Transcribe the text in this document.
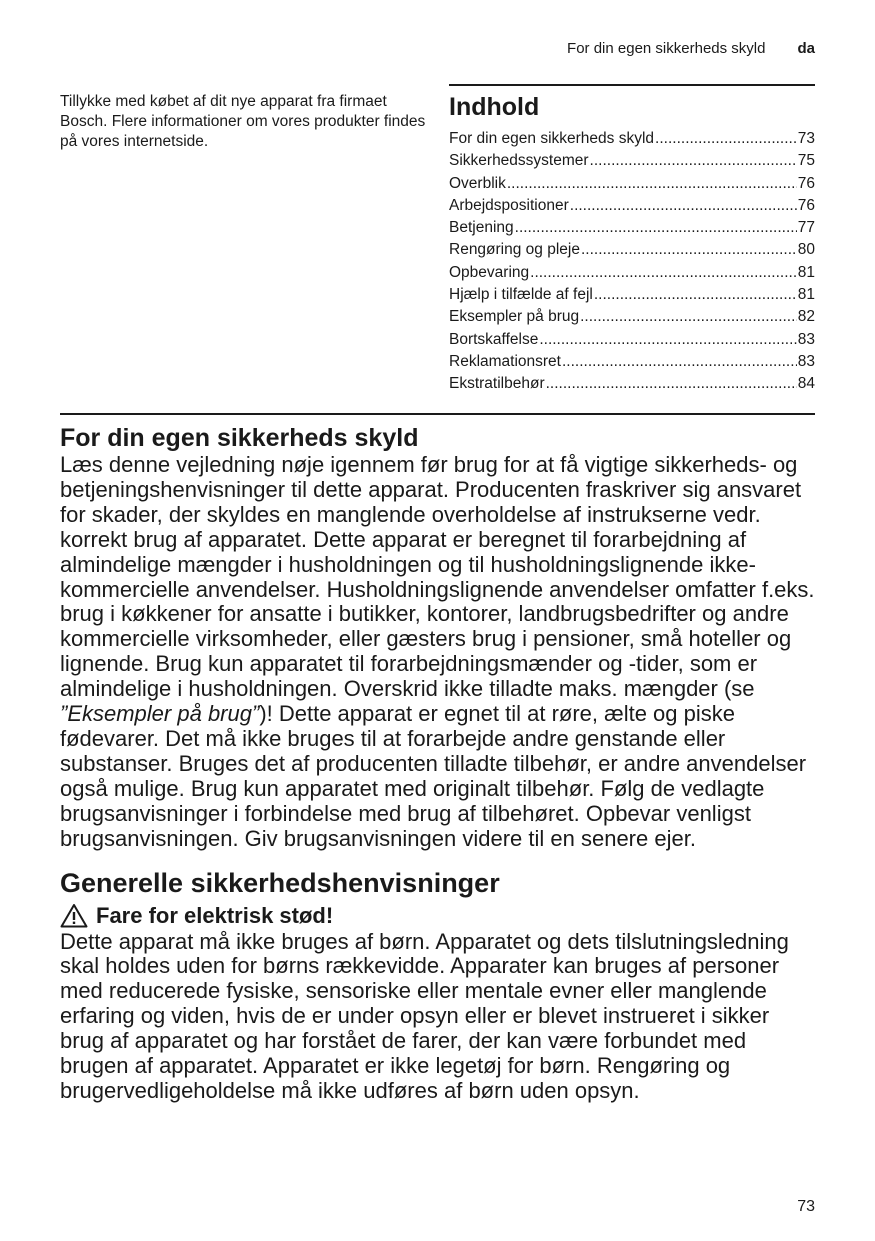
For din egen sikkerheds skyld da
Tillykke med købet af dit nye apparat fra firmaet Bosch. Flere informationer om vores produkter findes på vores internetside.
Indhold
For din egen sikkerheds skyld .....	73
Sikkerhedssystemer .....	75
Overblik .....	76
Arbejdspositioner .....	76
Betjening .....	77
Rengøring og pleje .....	80
Opbevaring .....	81
Hjælp i tilfælde af fejl .....	81
Eksempler på brug .....	82
Bortskaffelse .....	83
Reklamationsret .....	83
Ekstratilbehør .....	84
For din egen sikkerheds skyld

Læs denne vejledning nøje igennem før brug for at få vigtige sikkerheds- og betjeningshenvisninger til dette apparat. Producenten fraskriver sig ansvaret for skader, der skyldes en manglende overholdelse af instrukserne vedr. korrekt brug af apparatet. Dette apparat er beregnet til forarbejdning af almindelige mængder i husholdningen og til husholdningslignende ikke-kommercielle anvendelser. Husholdningslignende anvendelser omfatter f.eks. brug i køkkener for ansatte i butikker, kontorer, landbrugsbedrifter og andre kommercielle virksomheder, eller gæsters brug i pensioner, små hoteller og lignende. Brug kun apparatet til forarbejdningsmænder og -tider, som er almindelige i husholdningen. Overskrid ikke tilladte maks. mængder (se ”Eksempler på brug”)! Dette apparat er egnet til at røre, ælte og piske fødevarer. Det må ikke bruges til at forarbejde andre genstande eller substanser. Bruges det af producenten tilladte tilbehør, er andre anvendelser også mulige. Brug kun apparatet med originalt tilbehør. Følg de vedlagte brugsanvisninger i forbindelse med brug af tilbehøret. Opbevar venligst brugsanvisningen. Giv brugsanvisningen videre til en senere ejer.

Generelle sikkerhedshenvisninger
Fare for elektrisk stød!

Dette apparat må ikke bruges af børn. Apparatet og dets tilslutningsledning skal holdes uden for børns rækkevidde. Apparater kan bruges af personer med reducerede fysiske, sensoriske eller mentale evner eller manglende erfaring og viden, hvis de er under opsyn eller er blevet instrueret i sikker brug af apparatet og har forstået de farer, der kan være forbundet med brugen af apparatet. Apparatet er ikke legetøj for børn. Rengøring og brugervedligeholdelse må ikke udføres af børn uden opsyn.

73
